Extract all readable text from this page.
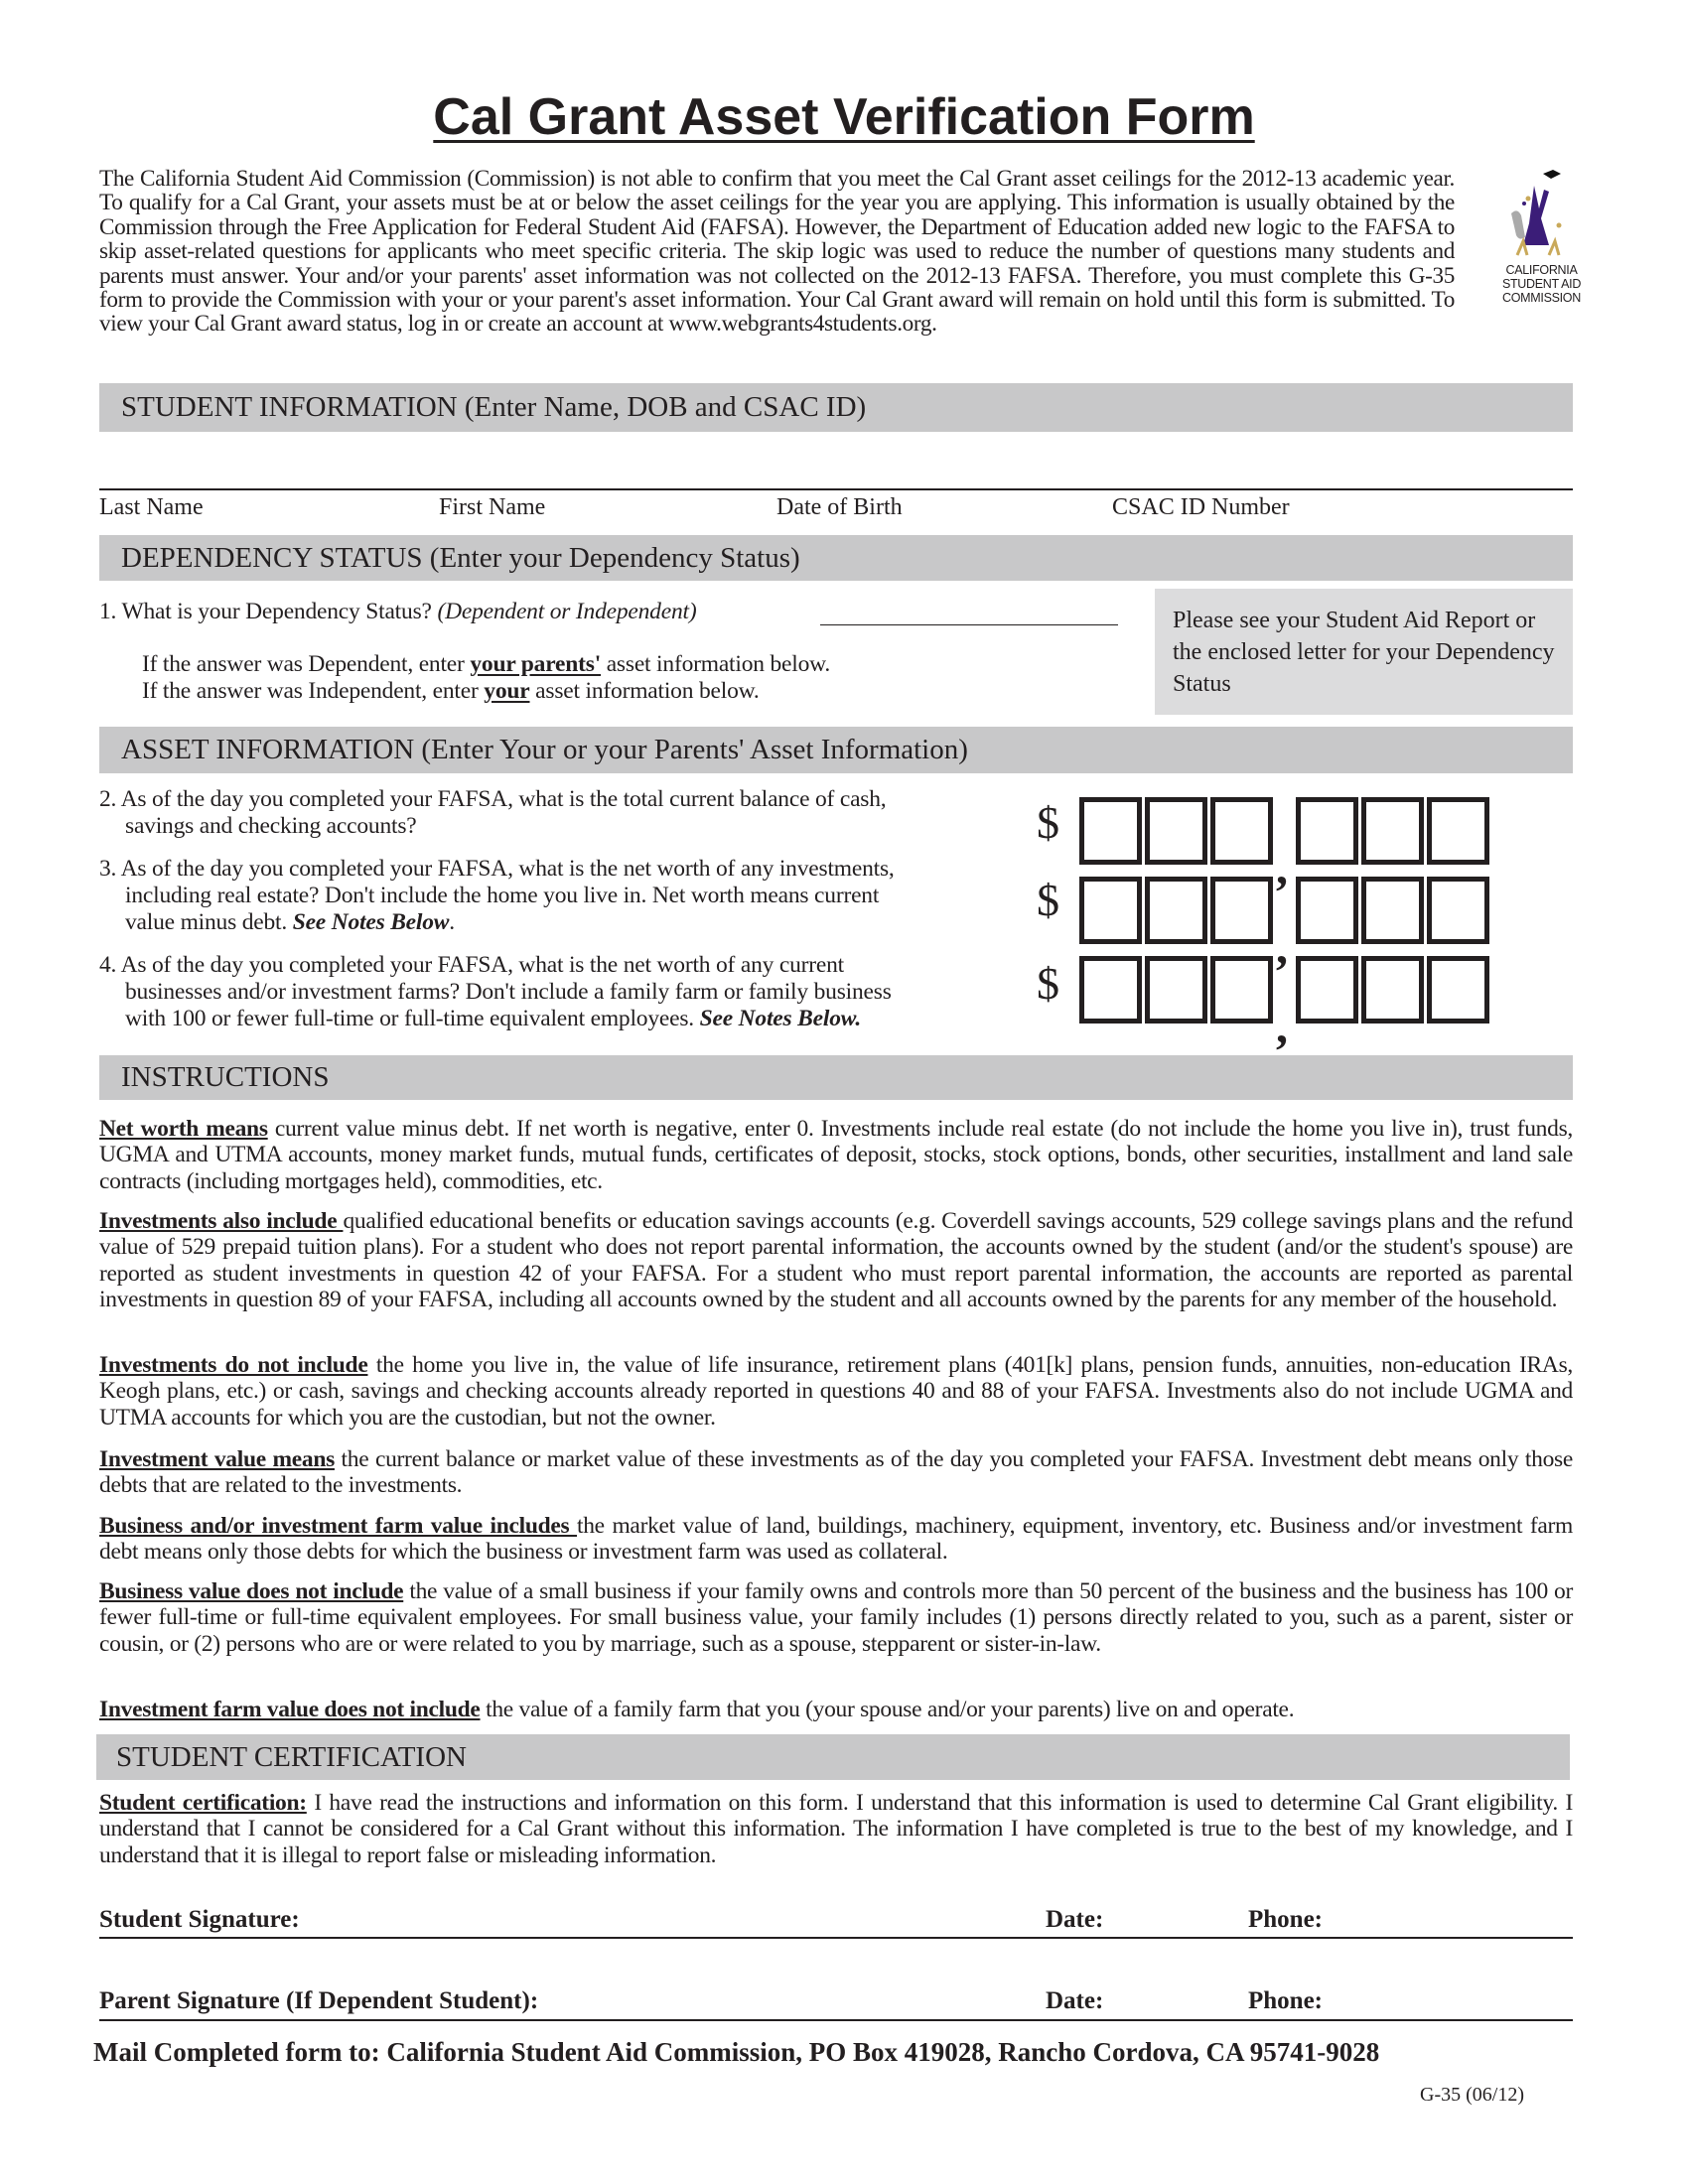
Cal Grant Asset Verification Form

The California Student Aid Commission (Commission) is not able to confirm that you meet the Cal Grant asset ceilings for the 2012-13 academic year. To qualify for a Cal Grant, your assets must be at or below the asset ceilings for the year you are applying. This information is usually obtained by the Commission through the Free Application for Federal Student Aid (FAFSA). However, the Department of Education added new logic to the FAFSA to skip asset-related questions for applicants who meet specific criteria. The skip logic was used to reduce the number of questions many students and parents must answer. Your and/or your parents' asset information was not collected on the 2012-13 FAFSA. Therefore, you must complete this G-35 form to provide the Commission with your or your parent's asset information. Your Cal Grant award will remain on hold until this form is submitted. To view your Cal Grant award status, log in or create an account at www.webgrants4students.org.

CALIFORNIA
STUDENT AID
COMMISSION
STUDENT INFORMATION (Enter Name, DOB and CSAC ID)
Last Name	First Name	Date of Birth	CSAC ID Number
DEPENDENCY STATUS (Enter your Dependency Status)
1. What is your Dependency Status? (Dependent or Independent)
If the answer was Dependent, enter your parents' asset information below.
If the answer was Independent, enter your asset information below.
Please see your Student Aid Report or the enclosed letter for your Dependency Status
ASSET INFORMATION (Enter Your or your Parents' Asset Information)
2. As of the day you completed your FAFSA, what is the total current balance of cash,
savings and checking accounts?
3. As of the day you completed your FAFSA, what is the net worth of any investments,
including real estate? Don't include the home you live in. Net worth means current
value minus debt. See Notes Below.
4. As of the day you completed your FAFSA, what is the net worth of any current
businesses and/or investment farms? Don't include a family farm or family business
with 100 or fewer full-time or full-time equivalent employees. See Notes Below.
$
$
$
,
,
,
INSTRUCTIONS
Net worth means current value minus debt. If net worth is negative, enter 0. Investments include real estate (do not include the home you live in), trust funds, UGMA and UTMA accounts, money market funds, mutual funds, certificates of deposit, stocks, stock options, bonds, other securities, installment and land sale contracts (including mortgages held), commodities, etc.
Investments also include qualified educational benefits or education savings accounts (e.g. Coverdell savings accounts, 529 college savings plans and the refund value of 529 prepaid tuition plans). For a student who does not report parental information, the accounts owned by the student (and/or the student's spouse) are reported as student investments in question 42 of your FAFSA. For a student who must report parental information, the accounts are reported as parental investments in question 89 of your FAFSA, including all accounts owned by the student and all accounts owned by the parents for any member of the household.
Investments do not include the home you live in, the value of life insurance, retirement plans (401[k] plans, pension funds, annuities, non-education IRAs, Keogh plans, etc.) or cash, savings and checking accounts already reported in questions 40 and 88 of your FAFSA. Investments also do not include UGMA and UTMA accounts for which you are the custodian, but not the owner.
Investment value means the current balance or market value of these investments as of the day you completed your FAFSA. Investment debt means only those debts that are related to the investments.
Business and/or investment farm value includes the market value of land, buildings, machinery, equipment, inventory, etc. Business and/or investment farm debt means only those debts for which the business or investment farm was used as collateral.
Business value does not include the value of a small business if your family owns and controls more than 50 percent of the business and the business has 100 or fewer full-time or full-time equivalent employees. For small business value, your family includes (1) persons directly related to you, such as a parent, sister or cousin, or (2) persons who are or were related to you by marriage, such as a spouse, stepparent or sister-in-law.
Investment farm value does not include the value of a family farm that you (your spouse and/or your parents) live on and operate.
STUDENT CERTIFICATION
Student certification: I have read the instructions and information on this form. I understand that this information is used to determine Cal Grant eligibility. I understand that I cannot be considered for a Cal Grant without this information. The information I have completed is true to the best of my knowledge, and I understand that it is illegal to report false or misleading information.
Student Signature:	Date:	Phone:
Parent Signature (If Dependent Student):	Date:	Phone:
Mail Completed form to: California Student Aid Commission, PO Box 419028, Rancho Cordova, CA 95741-9028
G-35 (06/12)
